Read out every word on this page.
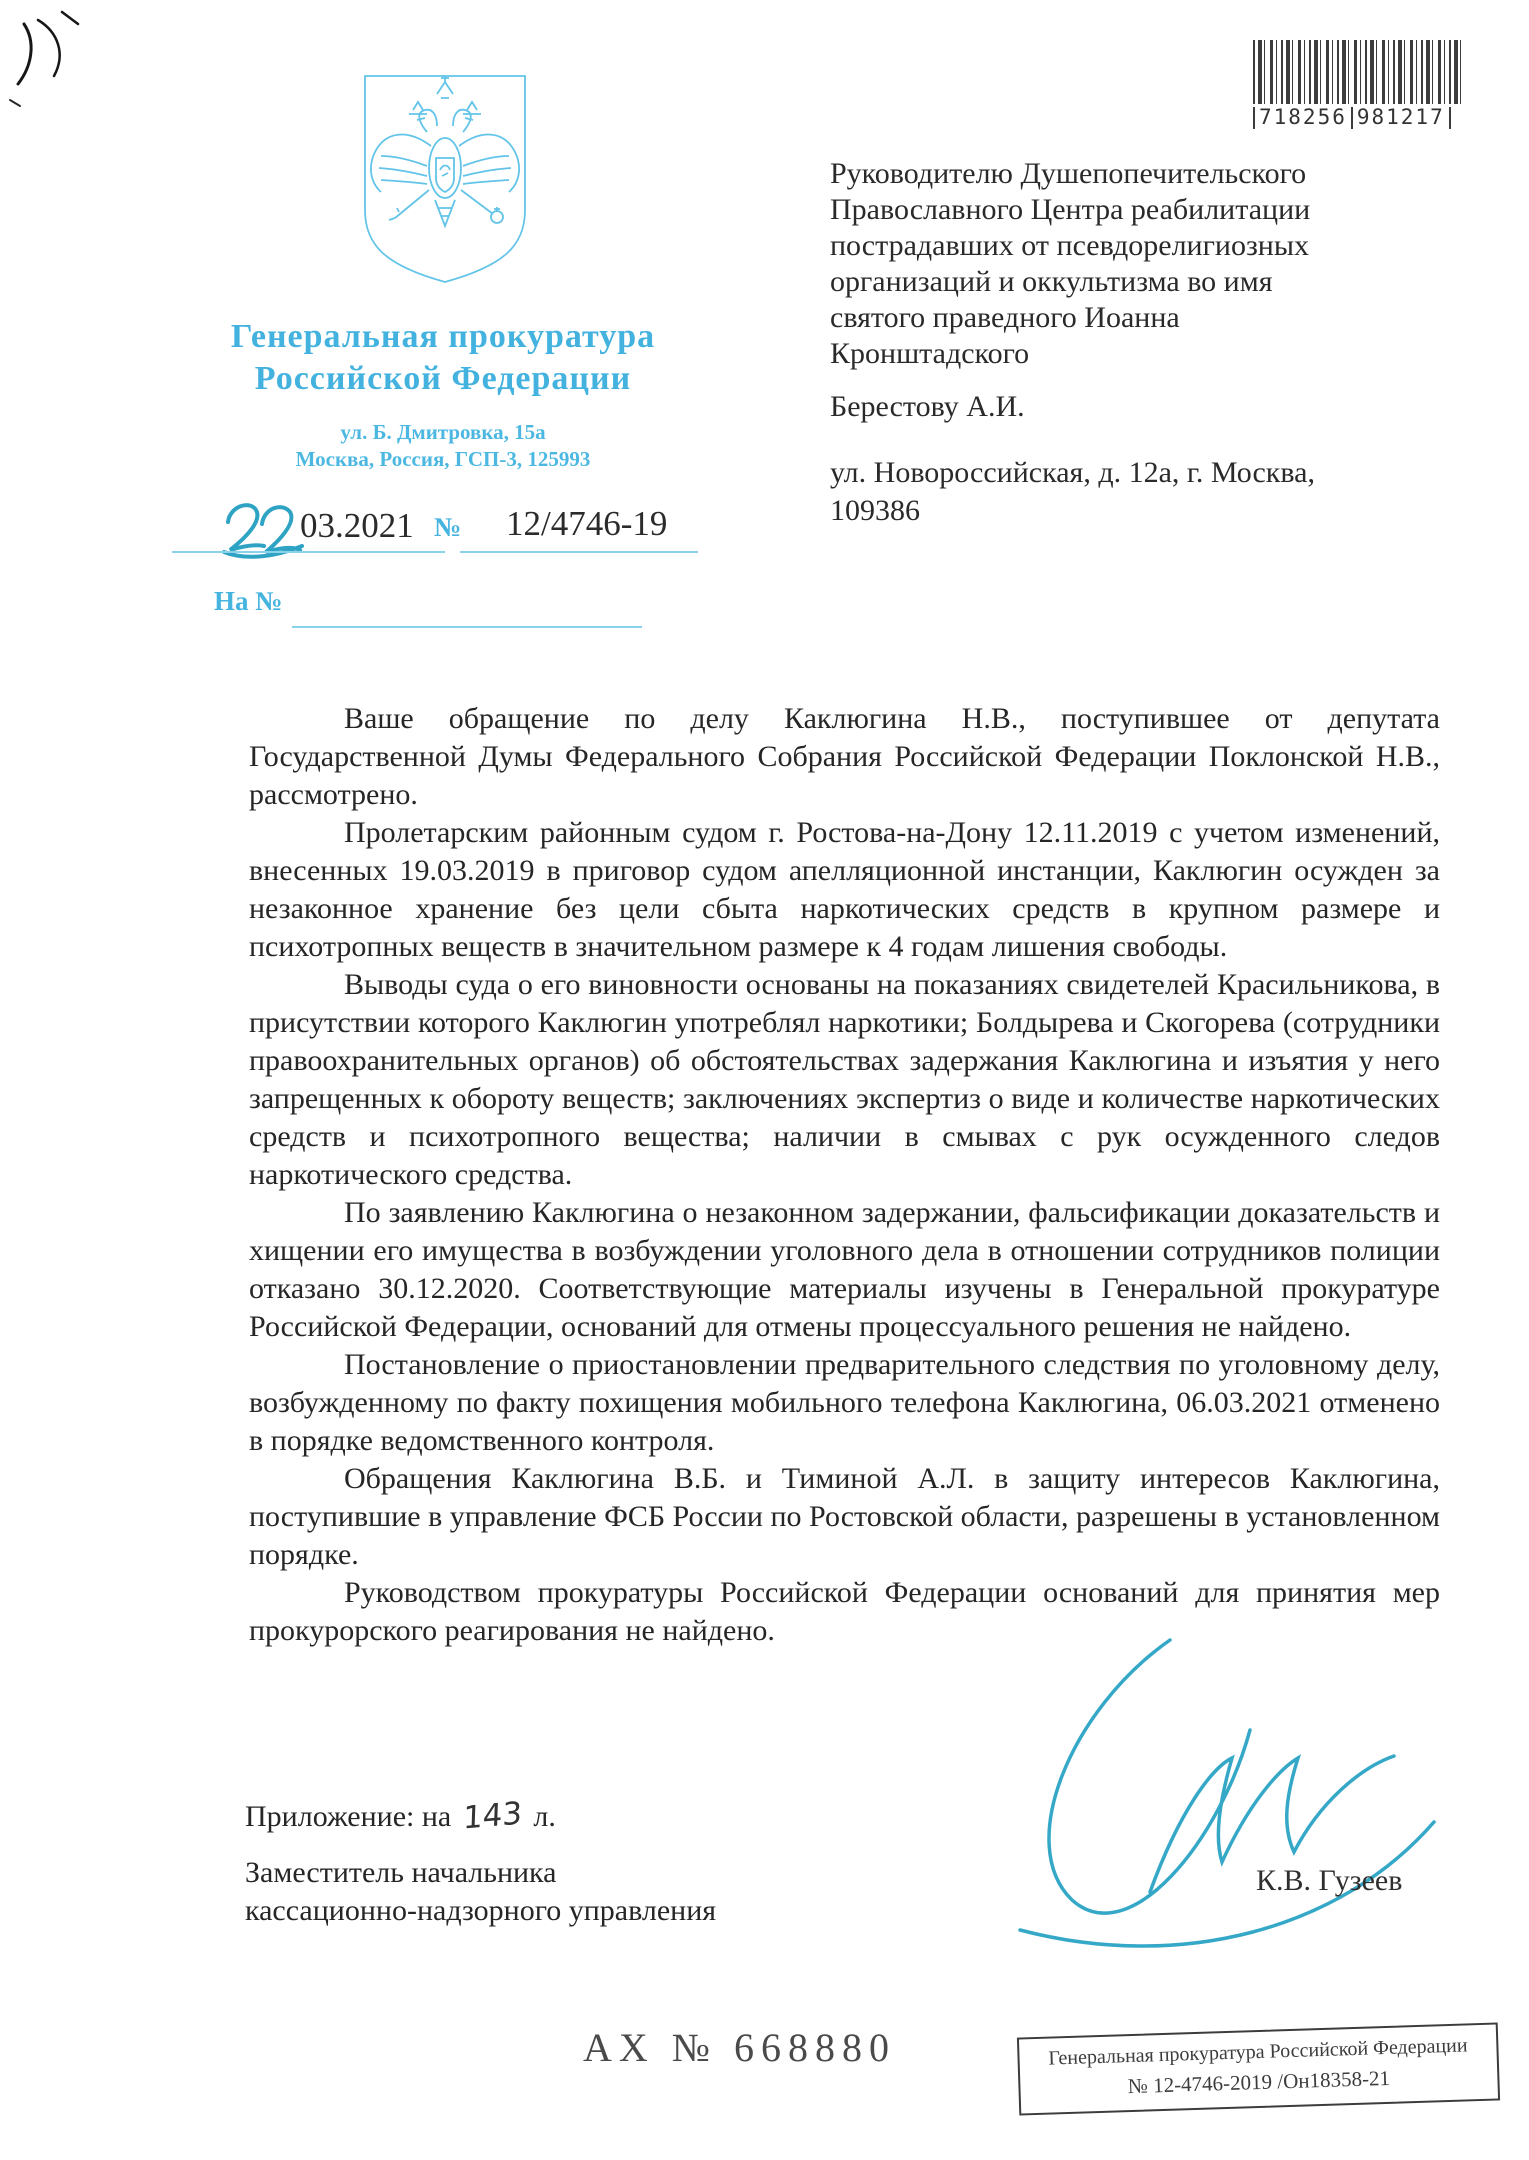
Генеральная прокуратура
Российской Федерации
ул. Б. Дмитровка, 15а
Москва, Россия, ГСП-3, 125993
718256 981217
03.2021 № 12/4746-19
На №
Руководителю Душепопечительского
Православного Центра реабилитации
пострадавших от псевдорелигиозных
организаций и оккультизма во имя
святого праведного Иоанна
Кронштадского
Берестову А.И.
ул. Новороссийская, д. 12а, г. Москва,
109386

Ваше обращение по делу Каклюгина Н.В., поступившее от депутата Государственной Думы Федерального Собрания Российской Федерации Поклонской Н.В., рассмотрено.

Пролетарским районным судом г. Ростова-на-Дону 12.11.2019 с учетом изменений, внесенных 19.03.2019 в приговор судом апелляционной инстанции, Каклюгин осужден за незаконное хранение без цели сбыта наркотических средств в крупном размере и психотропных веществ в значительном размере к 4 годам лишения свободы.

Выводы суда о его виновности основаны на показаниях свидетелей Красильникова, в присутствии которого Каклюгин употреблял наркотики; Болдырева и Скогорева (сотрудники правоохранительных органов) об обстоятельствах задержания Каклюгина и изъятия у него запрещенных к обороту веществ; заключениях экспертиз о виде и количестве наркотических средств и психотропного вещества; наличии в смывах с рук осужденного следов наркотического средства.

По заявлению Каклюгина о незаконном задержании, фальсификации доказательств и хищении его имущества в возбуждении уголовного дела в отношении сотрудников полиции отказано 30.12.2020. Соответствующие материалы изучены в Генеральной прокуратуре Российской Федерации, оснований для отмены процессуального решения не найдено.

Постановление о приостановлении предварительного следствия по уголовному делу, возбужденному по факту похищения мобильного телефона Каклюгина, 06.03.2021 отменено в порядке ведомственного контроля.

Обращения Каклюгина В.Б. и Тиминой А.Л. в защиту интересов Каклюгина, поступившие в управление ФСБ России по Ростовской области, разрешены в установленном порядке.

Руководством прокуратуры Российской Федерации оснований для принятия мер прокурорского реагирования не найдено.

Приложение: на 143 л.
Заместитель начальника
кассационно-надзорного управления
К.В. Гузеев
АХ № 668880	Генеральная прокуратура Российской Федерации
№ 12-4746-2019 /Он18358-21
